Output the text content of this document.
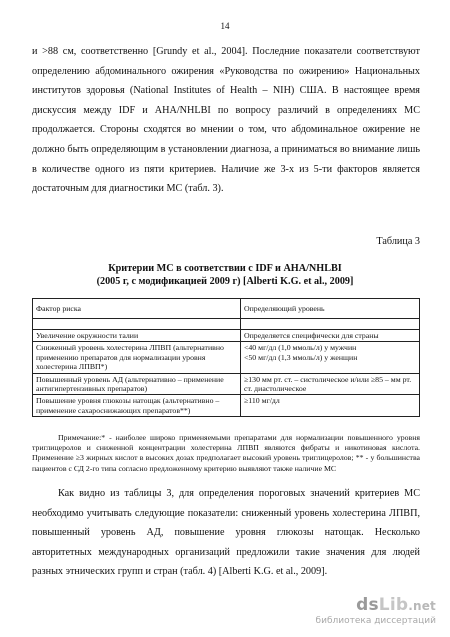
14

и >88 см, соответственно [Grundy et al., 2004]. Последние показатели соответствуют определению абдоминального ожирения «Руководства по ожирению» Национальных институтов здоровья (National Institutes of Health – NIH) США. В настоящее время дискуссия между IDF и AHA/NHLBI по вопросу различий в определениях МС продолжается. Стороны сходятся во мнении о том, что абдоминальное ожирение не должно быть определяющим в установлении диагноза, а приниматься во внимание лишь в количестве одного из пяти критериев. Наличие же 3-х из 5-ти факторов является достаточным для диагностики МС (табл. 3).

Таблица 3
Критерии МС в соответствии с IDF и AHA/NHLBI
(2005 г, с модификацией 2009 г) [Alberti K.G. et al., 2009]
Фактор риска	Определяющий уровень

Увеличение окружности талии	Определяется специфически для страны
Сниженный уровень холестерина ЛПВП (альтернативно применению препаратов для нормализации уровня холестерина ЛПВП*)	<40 мг/дл (1,0 ммоль/л) у мужчин
<50 мг/дл (1,3 ммоль/л) у женщин

Повышенный уровень АД (альтернативно – применение антигипертензивных препаратов)	≥130 мм рт. ст. – систолическое и/или ≥85 – мм рт. ст. диастолическое
Повышение уровня глюкозы натощак (альтернативно – применение сахароснижающих препаратов**)	≥110 мг/дл

Примечание:* - наиболее широко применяемыми препаратами для нормализации повышенного уровня триглицеролов и сниженной концентрации холестерина ЛПВП являются фибраты и никотиновая кислота. Применение ≥3 жирных кислот в высоких дозах предполагает высокий уровень триглицеролов; ** - у большинства пациентов с СД 2-го типа согласно предложенному критерию выявляют также наличие МС

Как видно из таблицы 3, для определения пороговых значений критериев МС необходимо учитывать следующие показатели: сниженный уровень холестерина ЛПВП, повышенный уровень АД, повышение уровня глюкозы натощак. Несколько авторитетных международных организаций предложили такие значения для людей разных этнических групп и стран (табл. 4) [Alberti K.G. et al., 2009].

dsLib.net
библиотека диссертаций
